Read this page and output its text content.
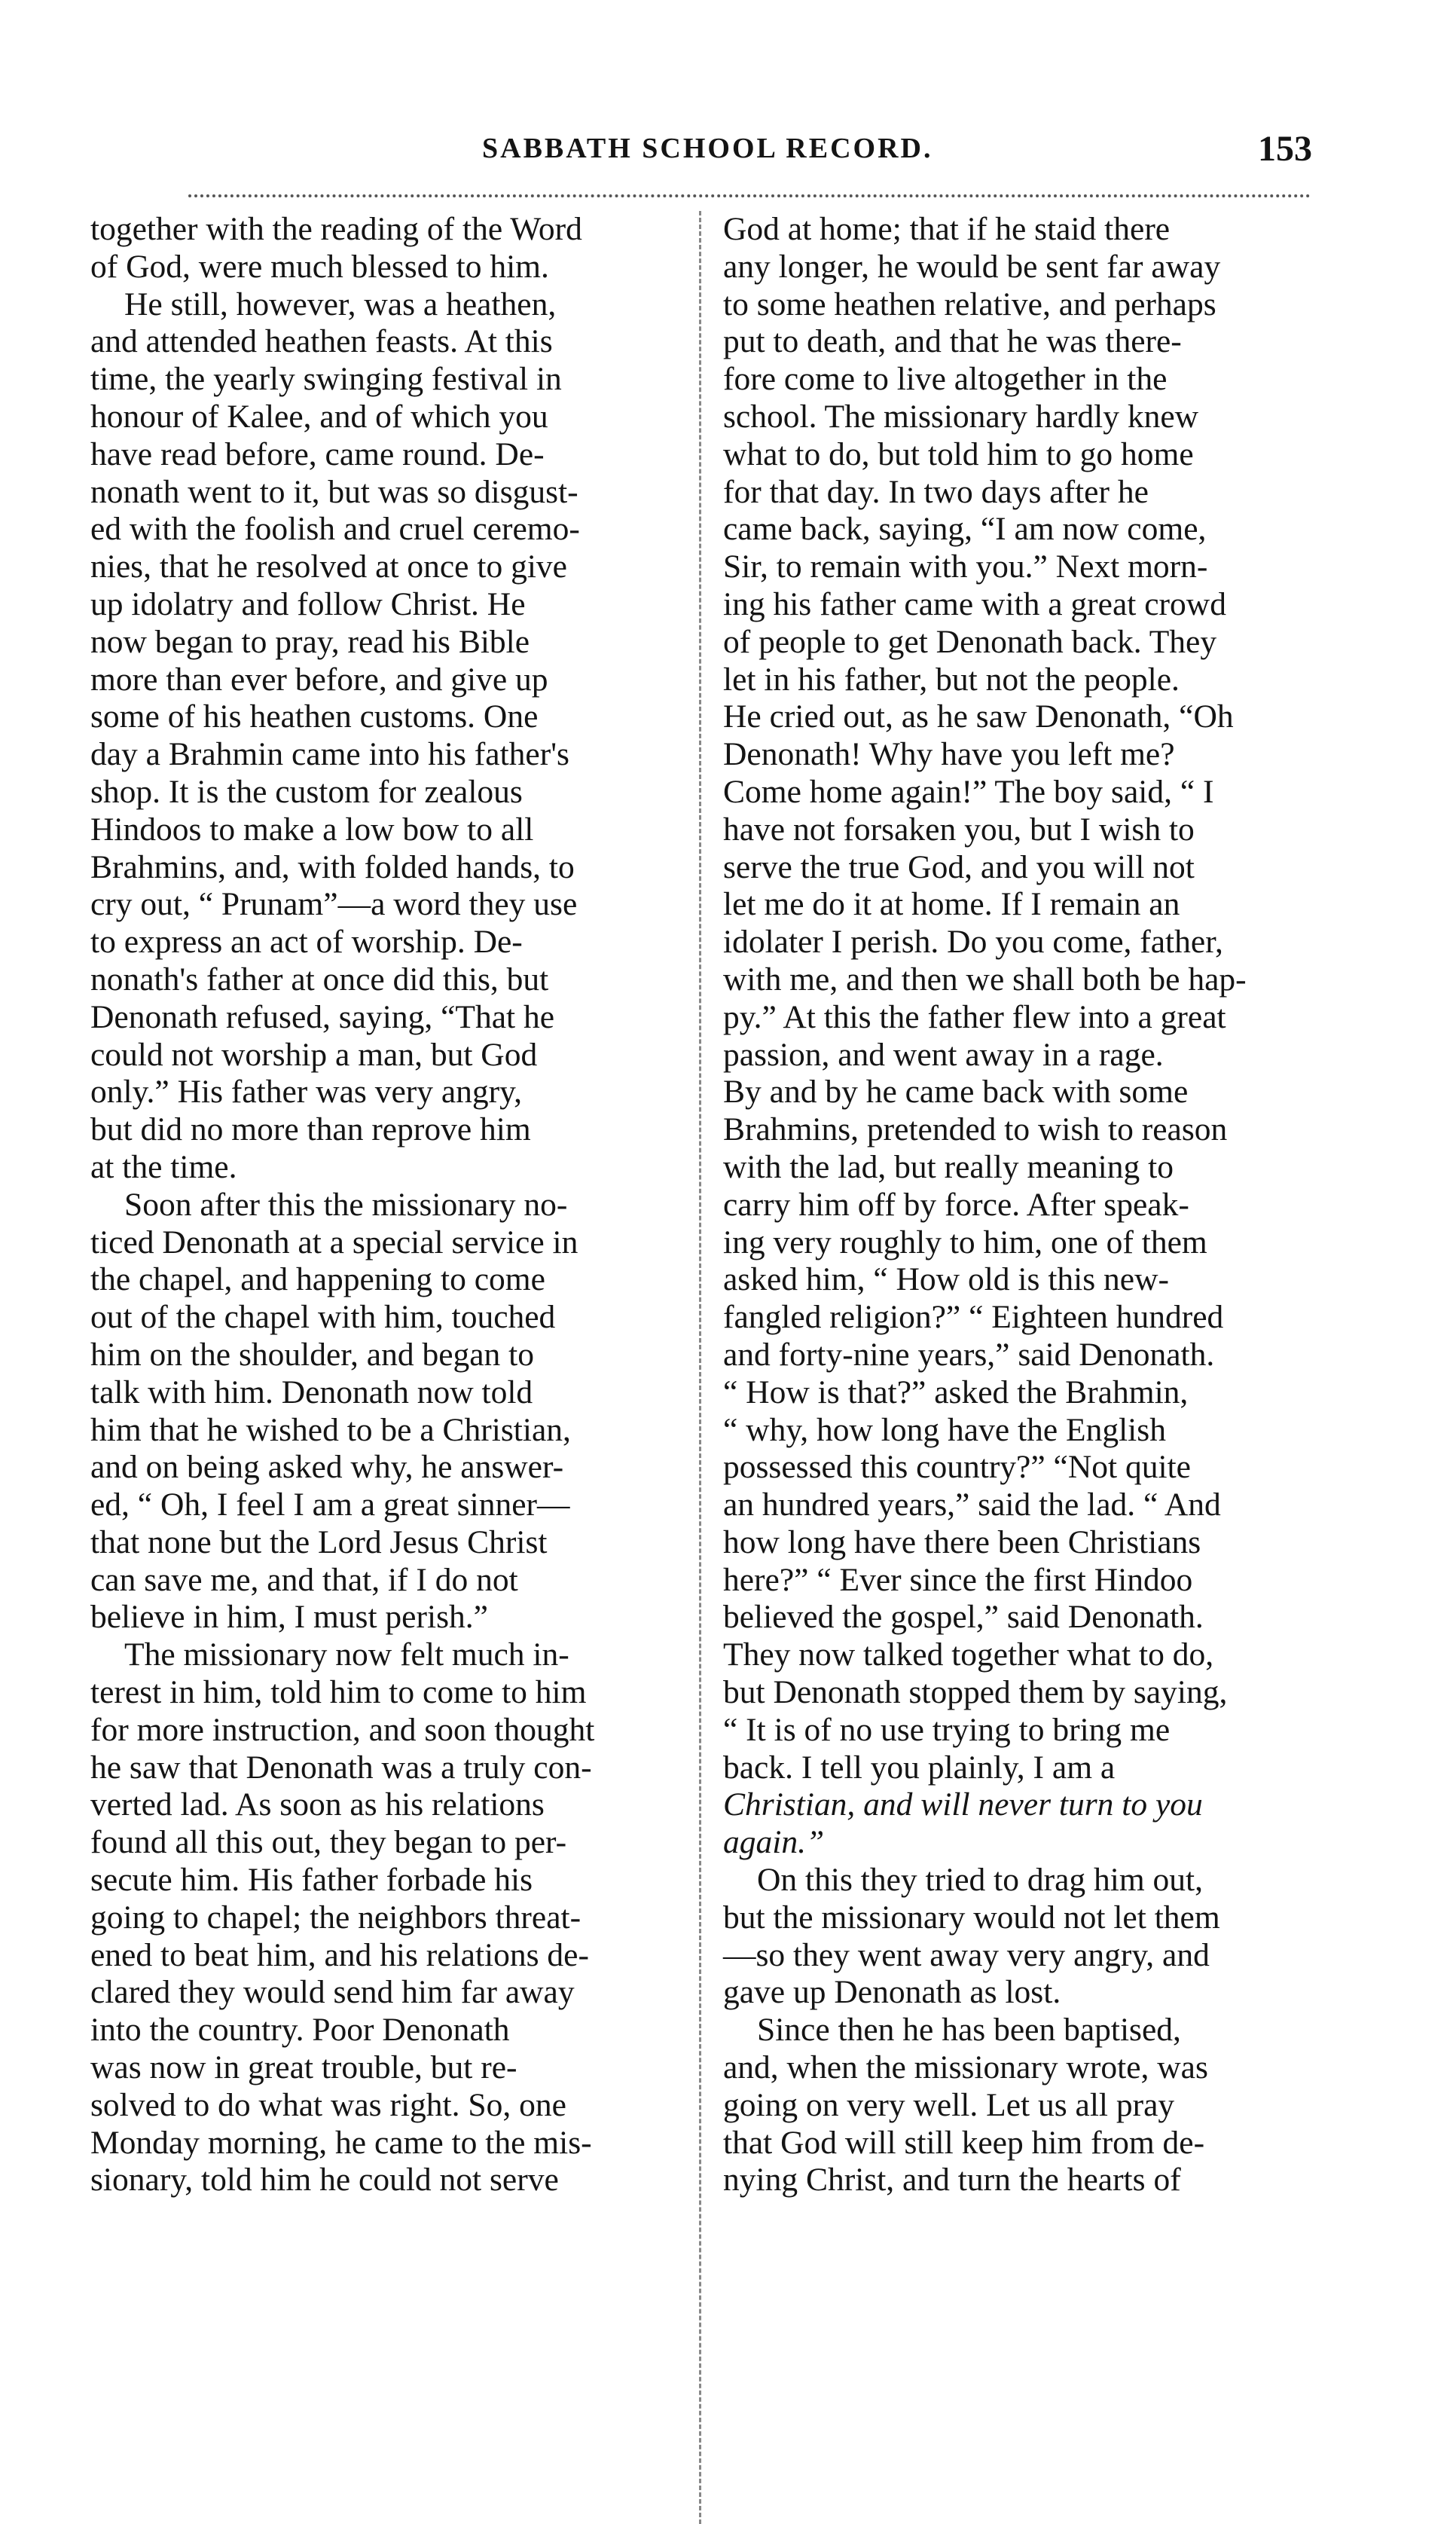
SABBATH SCHOOL RECORD.	153
together with the reading of the Word
of God, were much blessed to him.
He still, however, was a heathen,
and attended heathen feasts. At this
time, the yearly swinging festival in
honour of Kalee, and of which you
have read before, came round. De-
nonath went to it, but was so disgust-
ed with the foolish and cruel ceremo-
nies, that he resolved at once to give
up idolatry and follow Christ. He
now began to pray, read his Bible
more than ever before, and give up
some of his heathen customs. One
day a Brahmin came into his father's
shop. It is the custom for zealous
Hindoos to make a low bow to all
Brahmins, and, with folded hands, to
cry out, “ Prunam”—a word they use
to express an act of worship. De-
nonath's father at once did this, but
Denonath refused, saying, “That he
could not worship a man, but God
only.” His father was very angry,
but did no more than reprove him
at the time.
Soon after this the missionary no-
ticed Denonath at a special service in
the chapel, and happening to come
out of the chapel with him, touched
him on the shoulder, and began to
talk with him. Denonath now told
him that he wished to be a Christian,
and on being asked why, he answer-
ed, “ Oh, I feel I am a great sinner—
that none but the Lord Jesus Christ
can save me, and that, if I do not
believe in him, I must perish.”
The missionary now felt much in-
terest in him, told him to come to him
for more instruction, and soon thought
he saw that Denonath was a truly con-
verted lad. As soon as his relations
found all this out, they began to per-
secute him. His father forbade his
going to chapel; the neighbors threat-
ened to beat him, and his relations de-
clared they would send him far away
into the country. Poor Denonath
was now in great trouble, but re-
solved to do what was right. So, one
Monday morning, he came to the mis-
sionary, told him he could not serve
God at home; that if he staid there
any longer, he would be sent far away
to some heathen relative, and perhaps
put to death, and that he was there-
fore come to live altogether in the
school. The missionary hardly knew
what to do, but told him to go home
for that day. In two days after he
came back, saying, “I am now come,
Sir, to remain with you.” Next morn-
ing his father came with a great crowd
of people to get Denonath back. They
let in his father, but not the people.
He cried out, as he saw Denonath, “Oh
Denonath! Why have you left me?
Come home again!” The boy said, “ I
have not forsaken you, but I wish to
serve the true God, and you will not
let me do it at home. If I remain an
idolater I perish. Do you come, father,
with me, and then we shall both be hap-
py.” At this the father flew into a great
passion, and went away in a rage.
By and by he came back with some
Brahmins, pretended to wish to reason
with the lad, but really meaning to
carry him off by force. After speak-
ing very roughly to him, one of them
asked him, “ How old is this new-
fangled religion?” “ Eighteen hundred
and forty-nine years,” said Denonath.
“ How is that?” asked the Brahmin,
“ why, how long have the English
possessed this country?” “Not quite
an hundred years,” said the lad. “ And
how long have there been Christians
here?” “ Ever since the first Hindoo
believed the gospel,” said Denonath.
They now talked together what to do,
but Denonath stopped them by saying,
“ It is of no use trying to bring me
back. I tell you plainly, I am a
Christian, and will never turn to you
again.”
On this they tried to drag him out,
but the missionary would not let them
—so they went away very angry, and
gave up Denonath as lost.
Since then he has been baptised,
and, when the missionary wrote, was
going on very well. Let us all pray
that God will still keep him from de-
nying Christ, and turn the hearts of
